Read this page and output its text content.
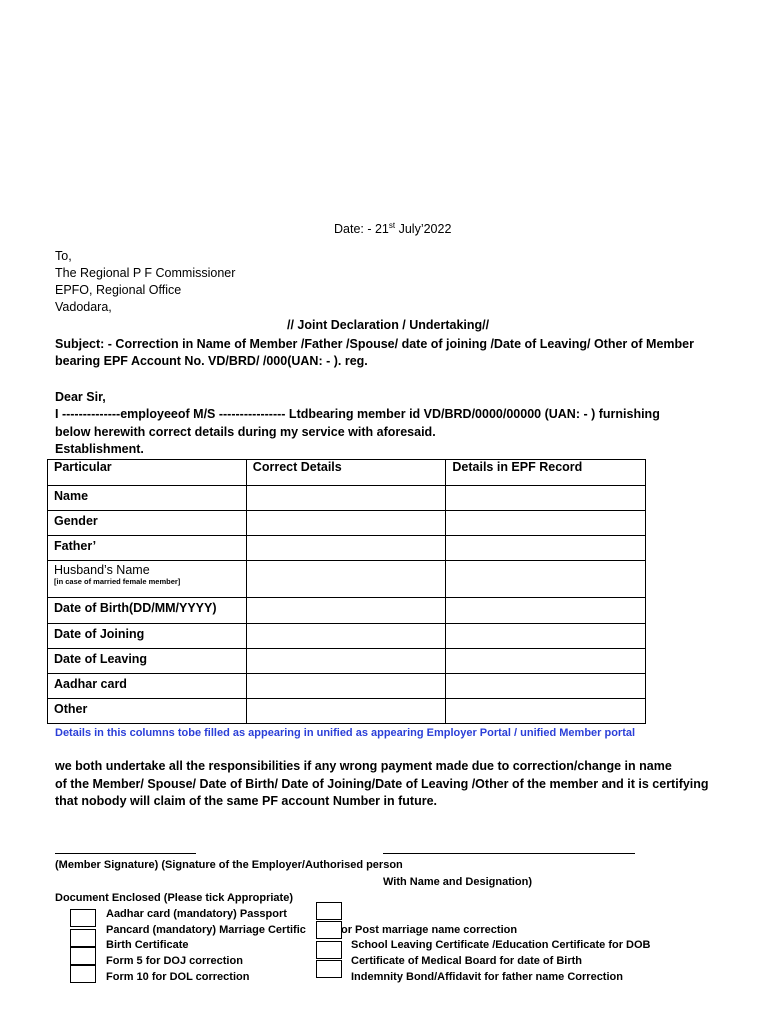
Date: - 21st July’2022
To,
The Regional P F Commissioner
EPFO, Regional Office
Vadodara,
// Joint Declaration / Undertaking//
Subject: - Correction in Name of Member /Father /Spouse/ date of joining /Date of Leaving/ Other of Member
bearing EPF Account No. VD/BRD/ /000(UAN: - ). reg.
Dear Sir,
I --------------employeeof M/S ---------------- Ltdbearing member id VD/BRD/0000/00000 (UAN: - ) furnishing
below herewith correct details during my service with aforesaid.
Establishment.
Particular	Correct Details	Details in EPF Record
Name		
Gender		
Father’		

Husband’s Name
[in case of married female member]		

Date of Birth(DD/MM/YYYY)		
Date of Joining		
Date of Leaving		
Aadhar card		
Other		
Details in this columns tobe filled as appearing in unified as appearing Employer Portal / unified Member portal
we both undertake all the responsibilities if any wrong payment made due to correction/change in name
of the Member/ Spouse/ Date of Birth/ Date of Joining/Date of Leaving /Other of the member and it is certifying
that nobody will claim of the same PF account Number in future.
(Member Signature) (Signature of the Employer/Authorised person
With Name and Designation)
Document Enclosed (Please tick Appropriate)
Aadhar card (mandatory) Passport
Pancard (mandatory) Marriage Certific
Birth Certificate
Form 5 for DOJ correction
Form 10 for DOL correction
or Post marriage name correction
School Leaving Certificate /Education Certificate for DOB
Certificate of Medical Board for date of Birth
Indemnity Bond/Affidavit for father name Correction
